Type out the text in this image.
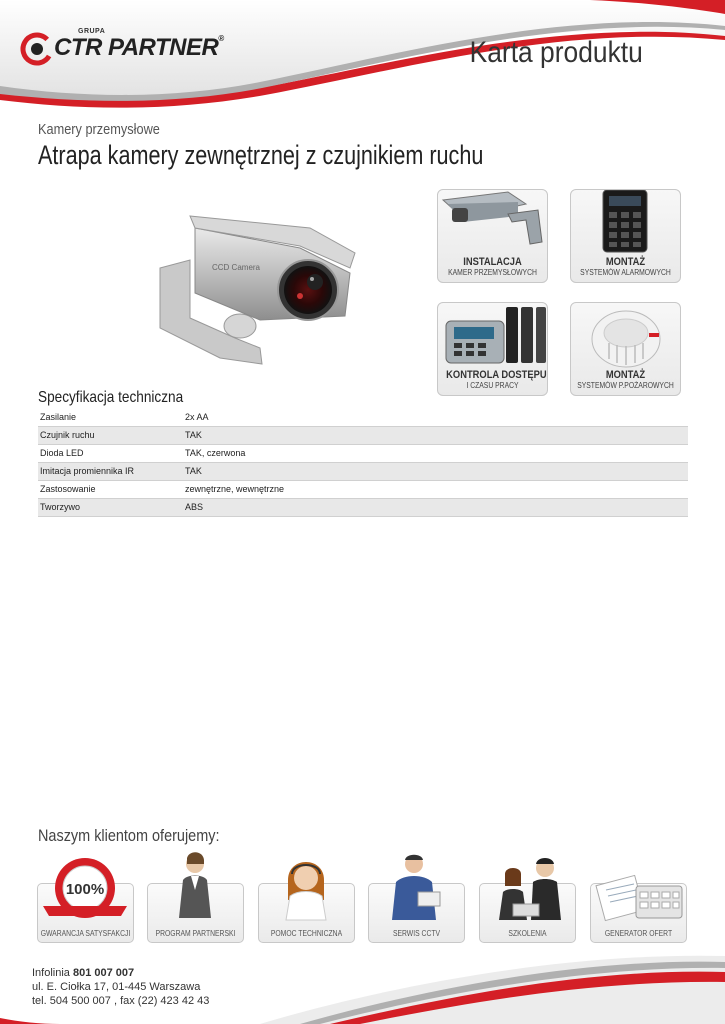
GRUPA
CTR PARTNER®	Karta produktu
Kamery przemysłowe
Atrapa kamery zewnętrznej z czujnikiem ruchu
CCD Camera	INSTALACJA
KAMER PRZEMYSŁOWYCH
MONTAŻ
SYSTEMÓW ALARMOWYCH
KONTROLA DOSTĘPU
I CZASU PRACY
MONTAŻ
SYSTEMÓW P.POŻAROWYCH
Specyfikacja techniczna
Zasilanie	2x AA
Czujnik ruchu	TAK
Dioda LED	TAK, czerwona
Imitacja promiennika IR	TAK
Zastosowanie	zewnętrzne, wewnętrzne
Tworzywo	ABS
Naszym klientom oferujemy:
GWARANCJA SATYSFAKCJI
100%
PROGRAM PARTNERSKI	POMOC TECHNICZNA	SERWIS CCTV	SZKOLENIA	GENERATOR OFERT
Infolinia 801 007 007
ul. E. Ciołka 17, 01-445 Warszawa
tel. 504 500 007 , fax (22) 423 42 43
